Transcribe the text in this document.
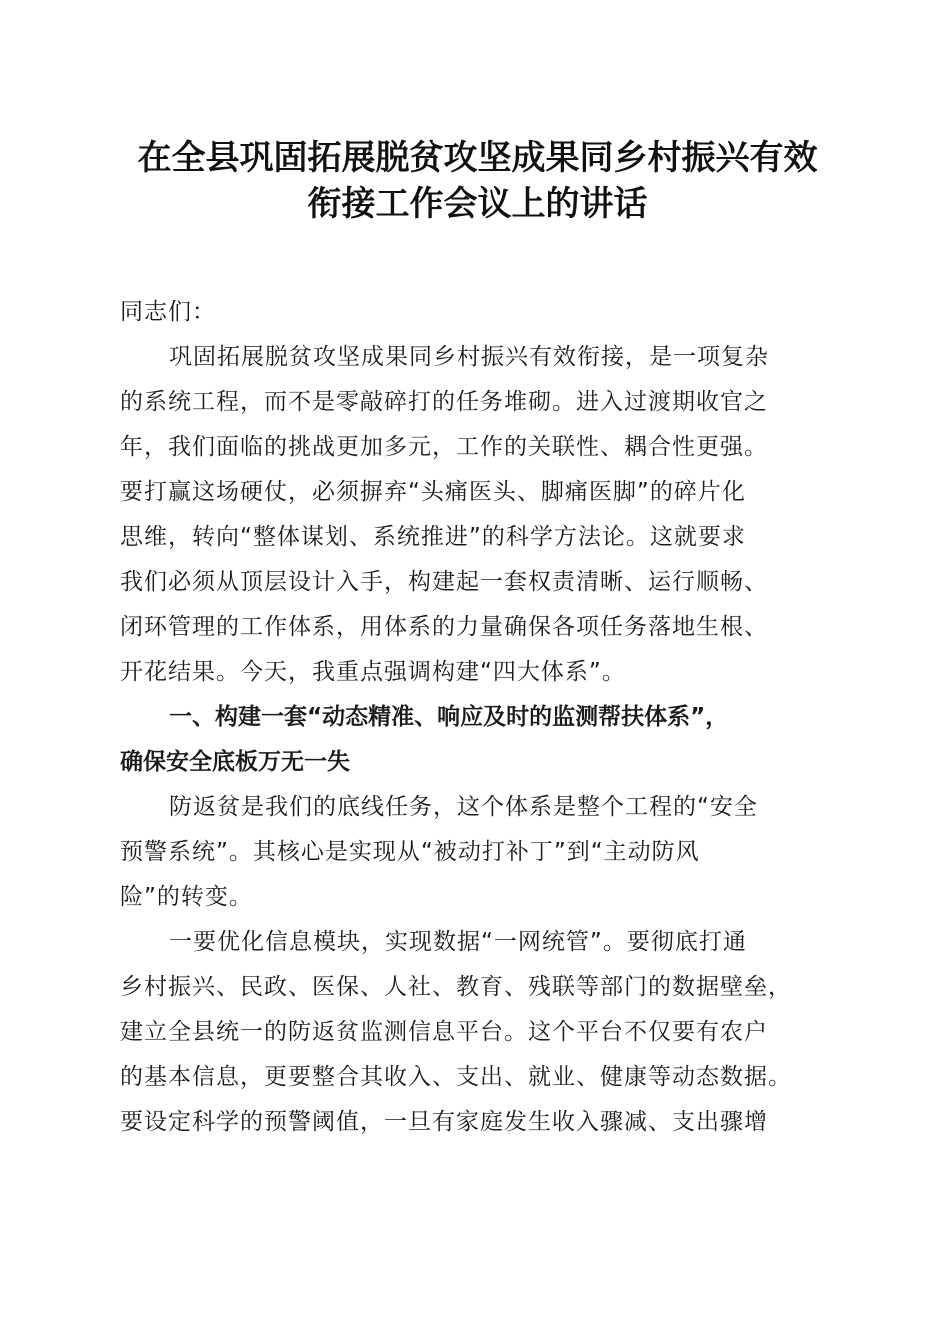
在全县巩固拓展脱贫攻坚成果同乡村振兴有效
衔接工作会议上的讲话

同志们：

巩固拓展脱贫攻坚成果同乡村振兴有效衔接，是一项复杂
的系统工程，而不是零敲碎打的任务堆砌。进入过渡期收官之
年，我们面临的挑战更加多元，工作的关联性、耦合性更强。
要打赢这场硬仗，必须摒弃“头痛医头、脚痛医脚”的碎片化
思维，转向“整体谋划、系统推进”的科学方法论。这就要求
我们必须从顶层设计入手，构建起一套权责清晰、运行顺畅、
闭环管理的工作体系，用体系的力量确保各项任务落地生根、
开花结果。今天，我重点强调构建“四大体系”。

一、构建一套“动态精准、响应及时的监测帮扶体系”，
确保安全底板万无一失

防返贫是我们的底线任务，这个体系是整个工程的“安全
预警系统”。其核心是实现从“被动打补丁”到“主动防风
险”的转变。

一要优化信息模块，实现数据“一网统管”。要彻底打通
乡村振兴、民政、医保、人社、教育、残联等部门的数据壁垒，
建立全县统一的防返贫监测信息平台。这个平台不仅要有农户
的基本信息，更要整合其收入、支出、就业、健康等动态数据。
要设定科学的预警阈值，一旦有家庭发生收入骤减、支出骤增
